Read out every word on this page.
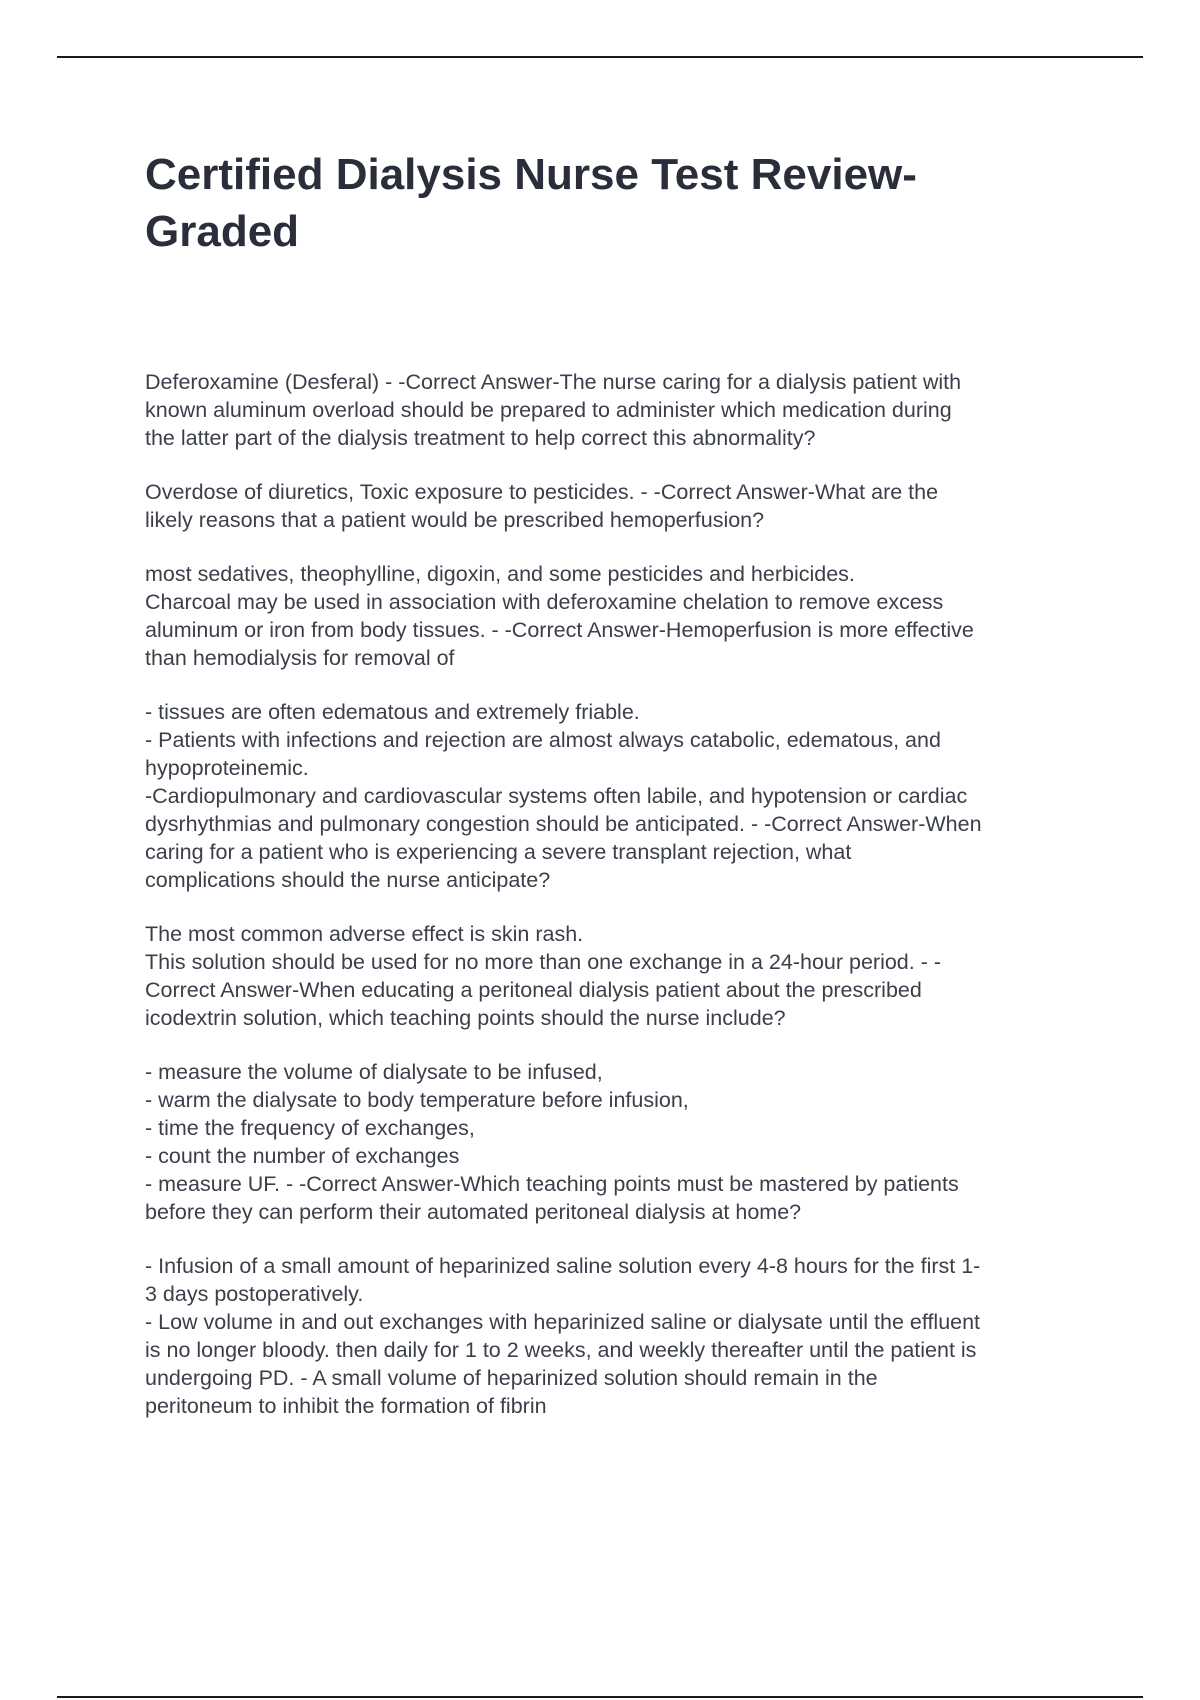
Certified Dialysis Nurse Test Review-
Graded

Deferoxamine (Desferal) - -Correct Answer-The nurse caring for a dialysis patient with
known aluminum overload should be prepared to administer which medication during
the latter part of the dialysis treatment to help correct this abnormality?

Overdose of diuretics, Toxic exposure to pesticides. - -Correct Answer-What are the
likely reasons that a patient would be prescribed hemoperfusion?

most sedatives, theophylline, digoxin, and some pesticides and herbicides.
Charcoal may be used in association with deferoxamine chelation to remove excess
aluminum or iron from body tissues. - -Correct Answer-Hemoperfusion is more effective
than hemodialysis for removal of

- tissues are often edematous and extremely friable.
- Patients with infections and rejection are almost always catabolic, edematous, and
hypoproteinemic.
-Cardiopulmonary and cardiovascular systems often labile, and hypotension or cardiac
dysrhythmias and pulmonary congestion should be anticipated. - -Correct Answer-When
caring for a patient who is experiencing a severe transplant rejection, what
complications should the nurse anticipate?

The most common adverse effect is skin rash.
This solution should be used for no more than one exchange in a 24-hour period. - -
Correct Answer-When educating a peritoneal dialysis patient about the prescribed
icodextrin solution, which teaching points should the nurse include?

- measure the volume of dialysate to be infused,
- warm the dialysate to body temperature before infusion,
- time the frequency of exchanges,
- count the number of exchanges
- measure UF. - -Correct Answer-Which teaching points must be mastered by patients
before they can perform their automated peritoneal dialysis at home?

- Infusion of a small amount of heparinized saline solution every 4-8 hours for the first 1-
3 days postoperatively.
- Low volume in and out exchanges with heparinized saline or dialysate until the effluent
is no longer bloody. then daily for 1 to 2 weeks, and weekly thereafter until the patient is
undergoing PD. - A small volume of heparinized solution should remain in the
peritoneum to inhibit the formation of fibrin
